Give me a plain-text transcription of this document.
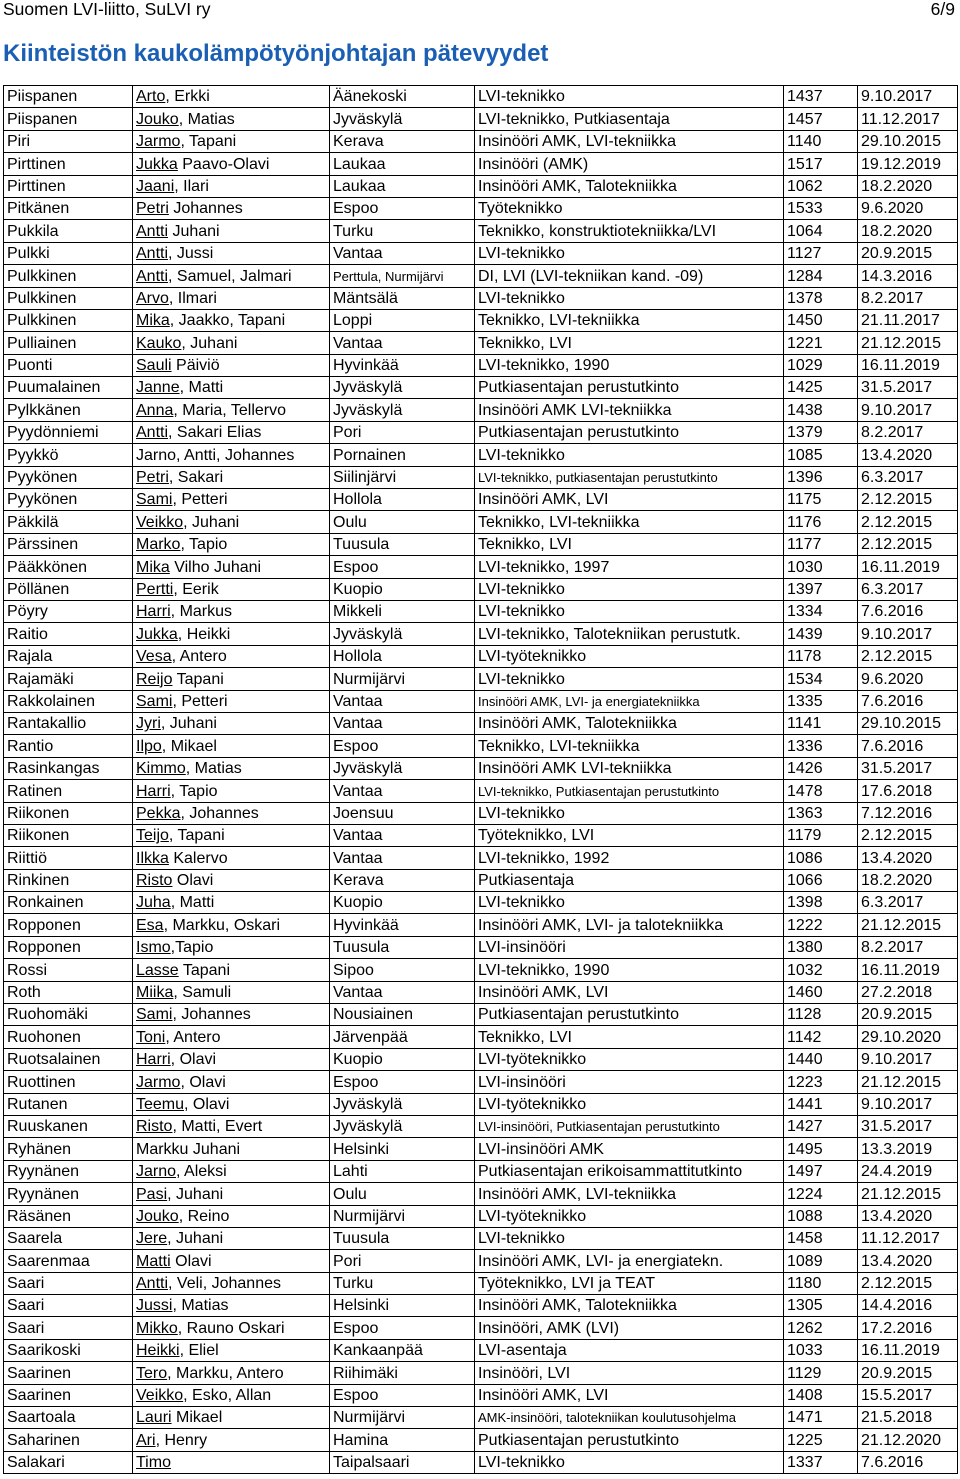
Suomen LVI-liitto, SuLVI ry	6/9
Kiinteistön kaukolämpötyönjohtajan pätevyydet
Piispanen	Arto, Erkki	Äänekoski	LVI-teknikko	1437	9.10.2017
Piispanen	Jouko, Matias	Jyväskylä	LVI-teknikko, Putkiasentaja	1457	11.12.2017
Piri	Jarmo, Tapani	Kerava	Insinööri AMK, LVI-tekniikka	1140	29.10.2015
Pirttinen	Jukka Paavo-Olavi	Laukaa	Insinööri (AMK)	1517	19.12.2019
Pirttinen	Jaani, Ilari	Laukaa	Insinööri AMK, Talotekniikka	1062	18.2.2020
Pitkänen	Petri Johannes	Espoo	Työteknikko	1533	9.6.2020
Pukkila	Antti Juhani	Turku	Teknikko, konstruktiotekniikka/LVI	1064	18.2.2020
Pulkki	Antti, Jussi	Vantaa	LVI-teknikko	1127	20.9.2015
Pulkkinen	Antti, Samuel, Jalmari	Perttula, Nurmijärvi	DI, LVI (LVI-tekniikan kand. -09)	1284	14.3.2016
Pulkkinen	Arvo, Ilmari	Mäntsälä	LVI-teknikko	1378	8.2.2017
Pulkkinen	Mika, Jaakko, Tapani	Loppi	Teknikko, LVI-tekniikka	1450	21.11.2017
Pulliainen	Kauko, Juhani	Vantaa	Teknikko, LVI	1221	21.12.2015
Puonti	Sauli Päiviö	Hyvinkää	LVI-teknikko, 1990	1029	16.11.2019
Puumalainen	Janne, Matti	Jyväskylä	Putkiasentajan perustutkinto	1425	31.5.2017
Pylkkänen	Anna, Maria, Tellervo	Jyväskylä	Insinööri AMK LVI-tekniikka	1438	9.10.2017
Pyydönniemi	Antti, Sakari Elias	Pori	Putkiasentajan perustutkinto	1379	8.2.2017
Pyykkö	Jarno, Antti, Johannes	Pornainen	LVI-teknikko	1085	13.4.2020
Pyykönen	Petri, Sakari	Siilinjärvi	LVI-teknikko, putkiasentajan perustutkinto	1396	6.3.2017
Pyykönen	Sami, Petteri	Hollola	Insinööri AMK, LVI	1175	2.12.2015
Päkkilä	Veikko, Juhani	Oulu	Teknikko, LVI-tekniikka	1176	2.12.2015
Pärssinen	Marko, Tapio	Tuusula	Teknikko, LVI	1177	2.12.2015
Pääkkönen	Mika Vilho Juhani	Espoo	LVI-teknikko, 1997	1030	16.11.2019
Pöllänen	Pertti, Eerik	Kuopio	LVI-teknikko	1397	6.3.2017
Pöyry	Harri, Markus	Mikkeli	LVI-teknikko	1334	7.6.2016
Raitio	Jukka, Heikki	Jyväskylä	LVI-teknikko, Talotekniikan perustutk.	1439	9.10.2017
Rajala	Vesa, Antero	Hollola	LVI-työteknikko	1178	2.12.2015
Rajamäki	Reijo Tapani	Nurmijärvi	LVI-teknikko	1534	9.6.2020
Rakkolainen	Sami, Petteri	Vantaa	Insinööri AMK, LVI- ja energiatekniikka	1335	7.6.2016
Rantakallio	Jyri, Juhani	Vantaa	Insinööri AMK, Talotekniikka	1141	29.10.2015
Rantio	Ilpo, Mikael	Espoo	Teknikko, LVI-tekniikka	1336	7.6.2016
Rasinkangas	Kimmo, Matias	Jyväskylä	Insinööri AMK LVI-tekniikka	1426	31.5.2017
Ratinen	Harri, Tapio	Vantaa	LVI-teknikko, Putkiasentajan perustutkinto	1478	17.6.2018
Riikonen	Pekka, Johannes	Joensuu	LVI-teknikko	1363	7.12.2016
Riikonen	Teijo, Tapani	Vantaa	Työteknikko, LVI	1179	2.12.2015
Riittiö	Ilkka Kalervo	Vantaa	LVI-teknikko, 1992	1086	13.4.2020
Rinkinen	Risto Olavi	Kerava	Putkiasentaja	1066	18.2.2020
Ronkainen	Juha, Matti	Kuopio	LVI-teknikko	1398	6.3.2017
Ropponen	Esa, Markku, Oskari	Hyvinkää	Insinööri AMK, LVI- ja talotekniikka	1222	21.12.2015
Ropponen	Ismo,Tapio	Tuusula	LVI-insinööri	1380	8.2.2017
Rossi	Lasse Tapani	Sipoo	LVI-teknikko, 1990	1032	16.11.2019
Roth	Miika, Samuli	Vantaa	Insinööri AMK, LVI	1460	27.2.2018
Ruohomäki	Sami, Johannes	Nousiainen	Putkiasentajan perustutkinto	1128	20.9.2015
Ruohonen	Toni, Antero	Järvenpää	Teknikko, LVI	1142	29.10.2020
Ruotsalainen	Harri, Olavi	Kuopio	LVI-työteknikko	1440	9.10.2017
Ruottinen	Jarmo, Olavi	Espoo	LVI-insinööri	1223	21.12.2015
Rutanen	Teemu, Olavi	Jyväskylä	LVI-työteknikko	1441	9.10.2017
Ruuskanen	Risto, Matti, Evert	Jyväskylä	LVI-insinööri, Putkiasentajan perustutkinto	1427	31.5.2017
Ryhänen	Markku Juhani	Helsinki	LVI-insinööri AMK	1495	13.3.2019
Ryynänen	Jarno, Aleksi	Lahti	Putkiasentajan erikoisammattitutkinto	1497	24.4.2019
Ryynänen	Pasi, Juhani	Oulu	Insinööri AMK, LVI-tekniikka	1224	21.12.2015
Räsänen	Jouko, Reino	Nurmijärvi	LVI-työteknikko	1088	13.4.2020
Saarela	Jere, Juhani	Tuusula	LVI-teknikko	1458	11.12.2017
Saarenmaa	Matti Olavi	Pori	Insinööri AMK, LVI- ja energiatekn.	1089	13.4.2020
Saari	Antti, Veli, Johannes	Turku	Työteknikko, LVI ja TEAT	1180	2.12.2015
Saari	Jussi, Matias	Helsinki	Insinööri AMK, Talotekniikka	1305	14.4.2016
Saari	Mikko, Rauno Oskari	Espoo	Insinööri, AMK (LVI)	1262	17.2.2016
Saarikoski	Heikki, Eliel	Kankaanpää	LVI-asentaja	1033	16.11.2019
Saarinen	Tero, Markku, Antero	Riihimäki	Insinööri, LVI	1129	20.9.2015
Saarinen	Veikko, Esko, Allan	Espoo	Insinööri AMK, LVI	1408	15.5.2017
Saartoala	Lauri Mikael	Nurmijärvi	AMK-insinööri, talotekniikan koulutusohjelma	1471	21.5.2018
Saharinen	Ari, Henry	Hamina	Putkiasentajan perustutkinto	1225	21.12.2020
Salakari	Timo	Taipalsaari	LVI-teknikko	1337	7.6.2016
